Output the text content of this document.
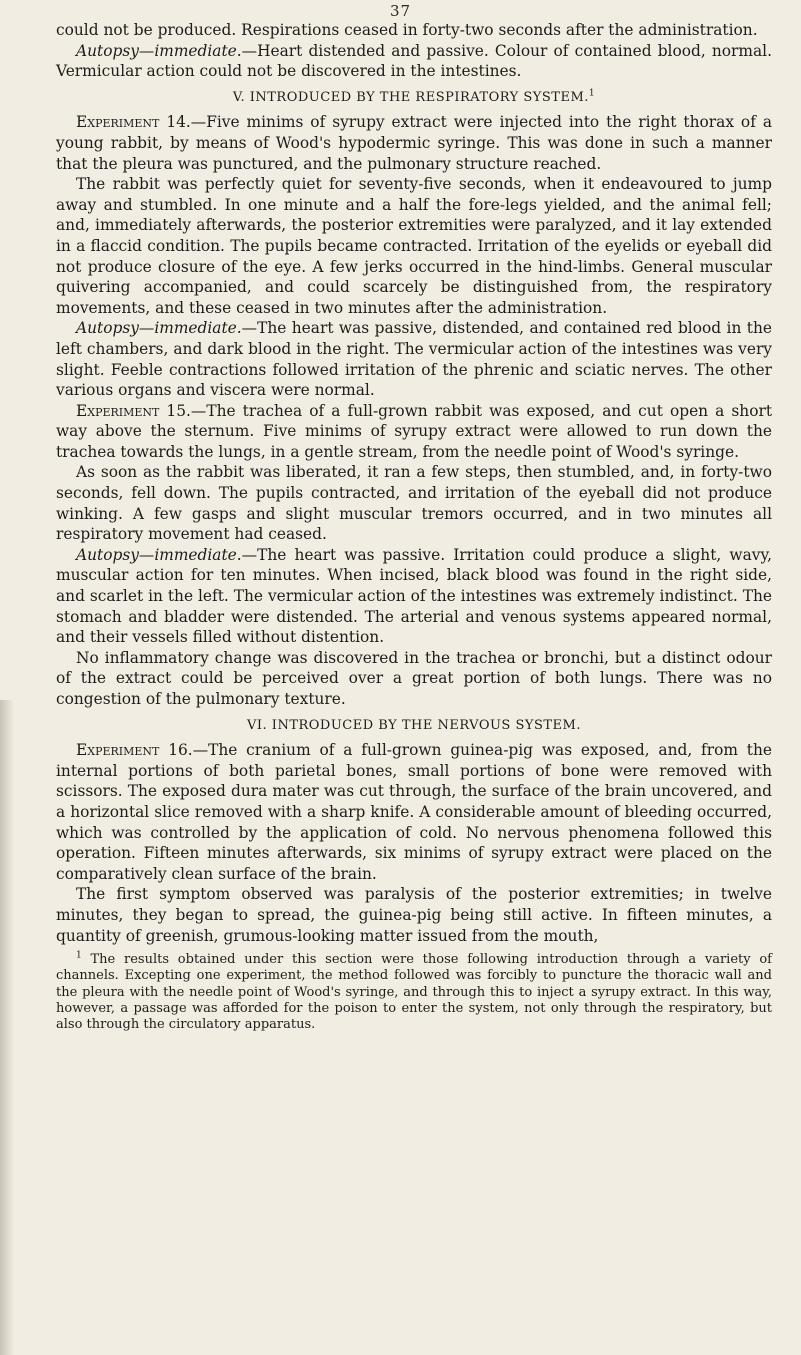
37

could not be produced. Respirations ceased in forty-two seconds after the administration.

Autopsy—immediate.—Heart distended and passive. Colour of contained blood, normal. Vermicular action could not be discovered in the intestines.

V. INTRODUCED BY THE RESPIRATORY SYSTEM.$^1$

Experiment 14.—Five minims of syrupy extract were injected into the right thorax of a young rabbit, by means of Wood's hypodermic syringe. This was done in such a manner that the pleura was punctured, and the pulmonary structure reached.

The rabbit was perfectly quiet for seventy-five seconds, when it endeavoured to jump away and stumbled. In one minute and a half the fore-legs yielded, and the animal fell; and, immediately afterwards, the posterior extremities were paralyzed, and it lay extended in a flaccid condition. The pupils became contracted. Irritation of the eyelids or eyeball did not produce closure of the eye. A few jerks occurred in the hind-limbs. General muscular quivering accompanied, and could scarcely be distinguished from, the respiratory movements, and these ceased in two minutes after the administration.

Autopsy—immediate.—The heart was passive, distended, and contained red blood in the left chambers, and dark blood in the right. The vermicular action of the intestines was very slight. Feeble contractions followed irritation of the phrenic and sciatic nerves. The other various organs and viscera were normal.

Experiment 15.—The trachea of a full-grown rabbit was exposed, and cut open a short way above the sternum. Five minims of syrupy extract were allowed to run down the trachea towards the lungs, in a gentle stream, from the needle point of Wood's syringe.

As soon as the rabbit was liberated, it ran a few steps, then stumbled, and, in forty-two seconds, fell down. The pupils contracted, and irritation of the eyeball did not produce winking. A few gasps and slight muscular tremors occurred, and in two minutes all respiratory movement had ceased.

Autopsy—immediate.—The heart was passive. Irritation could produce a slight, wavy, muscular action for ten minutes. When incised, black blood was found in the right side, and scarlet in the left. The vermicular action of the intestines was extremely indistinct. The stomach and bladder were distended. The arterial and venous systems appeared normal, and their vessels filled without distention.

No inflammatory change was discovered in the trachea or bronchi, but a distinct odour of the extract could be perceived over a great portion of both lungs. There was no congestion of the pulmonary texture.

VI. INTRODUCED BY THE NERVOUS SYSTEM.

Experiment 16.—The cranium of a full-grown guinea-pig was exposed, and, from the internal portions of both parietal bones, small portions of bone were removed with scissors. The exposed dura mater was cut through, the surface of the brain uncovered, and a horizontal slice removed with a sharp knife. A considerable amount of bleeding occurred, which was controlled by the application of cold. No nervous phenomena followed this operation. Fifteen minutes afterwards, six minims of syrupy extract were placed on the comparatively clean surface of the brain.

The first symptom observed was paralysis of the posterior extremities; in twelve minutes, they began to spread, the guinea-pig being still active. In fifteen minutes, a quantity of greenish, grumous-looking matter issued from the mouth,

$^1$ The results obtained under this section were those following introduction through a variety of channels. Excepting one experiment, the method followed was forcibly to puncture the thoracic wall and the pleura with the needle point of Wood's syringe, and through this to inject a syrupy extract. In this way, however, a passage was afforded for the poison to enter the system, not only through the respiratory, but also through the circulatory apparatus.
